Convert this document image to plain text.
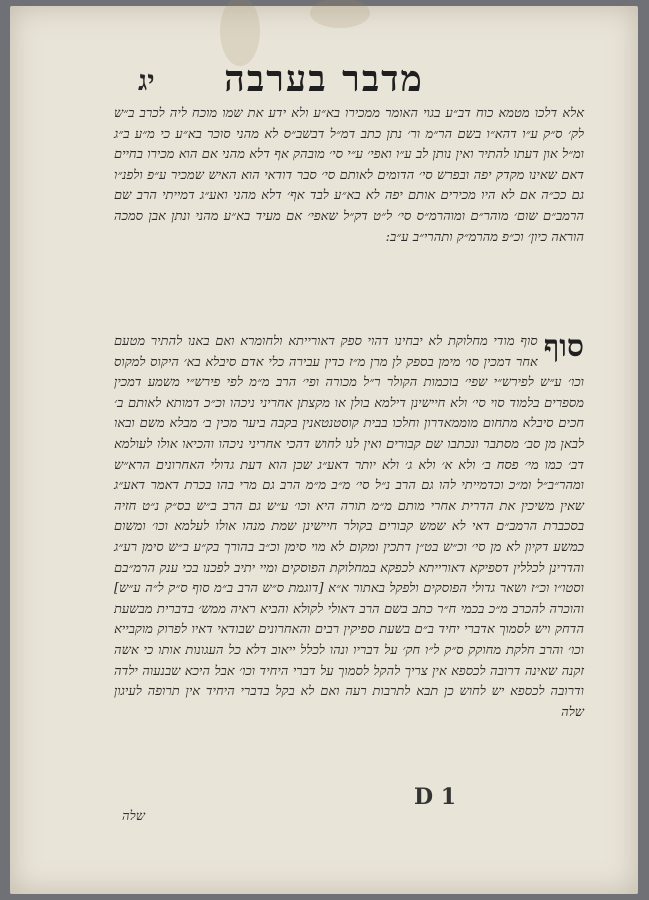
יג	מדבר בערבה

אלא דלכו מטמא כוח דב״ע בגוי האומר ממכירו בא״ע ולא ידע את שמו מוכח ליה לכרב ב״ש לק׳ ס״ק ע״ו דהא״ו בשם הר״מ ור׳ נתן כתב דמ״ל דבשב״ס לא מהני סוכר בא״ע כי מ״ע ב״ג ומ״ל און דעתו להתיר ואין נותן לב ע״ו ואפי׳ ע״י סי׳ מובהק אף דלא מהני אם הוא מכירו בחיים דאם שאינו מקדק יפה ובפרש סי׳ הדומים לאותם סי׳ סבר דודאי הוא האיש שמכיר ע״פ ולפנ״ו גם ככ״ה אם לא היו מכירים אותם יפה לא בא״ע לבד אף׳ דלא מהני ואע״ג דמייתי הרב שם הרמב״ם שום׳ מוהר״ם ומוהרמ״ס סי׳ ל״ט דק״ל שאפי׳ אם מעיד בא״ע מהני ונתן אבן סמכה הוראה כיון׳ וכ״פ מהרמ״ק ותהרי״ב ע״ב:

סוף

סוף מודי מחלוקת לא יבחינו דהוי ספק דאורייתא ולחומרא ואם באנו להתיר מטעם אחר דמכין סו׳ מימן בספק לן מרן מ״ז כדין עבירה כלי אדם סיבלא בא׳ היקוס למקוס וכו׳ ע״ש לפירש״י שפי׳ בוכמות הקולר ר״ל מכורה ופי׳ הרב מ״מ לפי פירש״י משמע דמכין מספרים בלמוד סוי סי׳ ולא חיישינן דילמא בולן או מקצתן אחריני ניכהו וכ״כ דמותא לאותם ב׳ חכים סיבלא מתחום מוממאדרון וחלכו בבית קוסטנטאנין בקבה ביער מכין ב׳ מבלא משם ובאו לבאן מן סב׳ מסתבר ונכתבו שם קבורים ואין לנו לחוש דהכי אחריני ניכהו והכיאו אולו לעולמא דב׳ כמו מי׳ פסח ב׳ ולא א׳ ולא ג׳ ולא יותר דאע״ג שכן הוא דעת גדולי האחרונים הרא״ש ומהר״ב״ל ומ״כ וכדמייתי להו גם הרב נ״ל סי׳ מ״ב מ״מ הרב גם מרי בהו בכרת דאמר דאע״ג שאין משיכין את הדרית אחרי מותם מ״מ תורה היא וכו׳ ע״ש גם הרב ב״ש בס״ק נ״ט חזיה בסכברת הרמב״ם דאי לא שמש קבורים בקולר חיישינן שמת מנהו אולו לעלמא וכו׳ ומשום כמשע דקיון לא מן סי׳ וכ״ש בט״ן דתכין ומקום לא מוי סימן וכ״ב בהורך בק״ע ב״ש סימן רע״ג והדרינן לכללין דספיקא דאורייתא לכפקא במחלוקת הפוסקים ומיי יתיב לפכנו בכי ענק הרמ״בם וסטו״ו וכ״ז ושאר גדולי הפוסקים ולפקל באתור א״א [דוגמת ס״ש הרב ב״מ סוף ס״ק ל״ה ע״ש] והוכרה להכרב מ״כ בכמי ח״ר כתב בשם הרב דאולי לקולא והביא ראיה ממש׳ בדברית מבשעת הדחק ויש לסמוך אדברי יחיד ב״ם בשעת ספיקין רבים והאחרונים שבודאי דאיו לפרוק מוקבייא וכו׳ והרב חלקת מחוקק ס״ק ל״ו חק׳ על דבריו ונהו לכלל ייאוב דלא כל העגונות אותו כי אשה זקנה שאינה דרובה לכספא אין צריך להקל לסמוך על דברי היחיד וכו׳ אבל היכא שבנעוה ילדה ודרובה לכספא יש לחוש כן תבא לתרבות רעה ואם לא בקל בדברי היחיד אין תרופה לעיגון שלה

D 1
שלה
